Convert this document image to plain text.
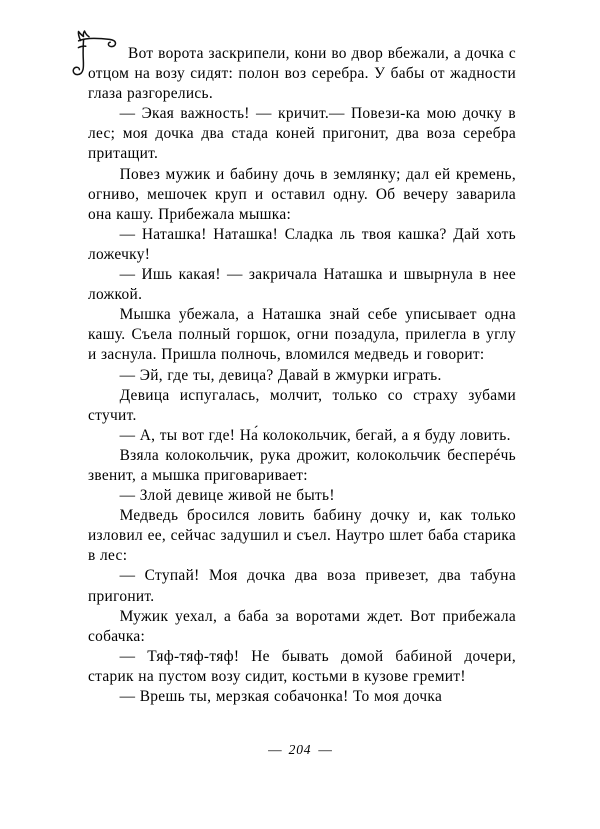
Вот ворота заскрипели, кони во двор вбежали, а дочка с отцом на возу сидят: полон воз серебра. У бабы от жадности глаза разгорелись.

— Экая важность! — кричит.— Повези-ка мою дочку в лес; моя дочка два стада коней пригонит, два воза серебра притащит.

Повез мужик и бабину дочь в землянку; дал ей кремень, огниво, мешочек круп и оставил одну. Об вечеру заварила она кашу. Прибежала мышка:

— Наташка! Наташка! Сладка ль твоя кашка? Дай хоть ложечку!

— Ишь какая! — закричала Наташка и швырнула в нее ложкой.

Мышка убежала, а Наташка знай себе уписывает одна кашу. Съела полный горшок, огни позадула, прилегла в углу и заснула. Пришла полночь, вломился медведь и говорит:

— Эй, где ты, девица? Давай в жмурки играть.

Девица испугалась, молчит, только со страху зубами стучит.

— А, ты вот где! На́ колокольчик, бегай, а я буду ловить.

Взяла колокольчик, рука дрожит, колокольчик бесперéчь звенит, а мышка приговаривает:

— Злой девице живой не быть!

Медведь бросился ловить бабину дочку и, как только изловил ее, сейчас задушил и съел. Наутро шлет баба старика в лес:

— Ступай! Моя дочка два воза привезет, два табуна пригонит.

Мужик уехал, а баба за воротами ждет. Вот прибежала собачка:

— Тяф-тяф-тяф! Не бывать домой бабиной дочери, старик на пустом возу сидит, костьми в кузове гремит!

— Врешь ты, мерзкая собачонка! То моя дочка

— 204 —
